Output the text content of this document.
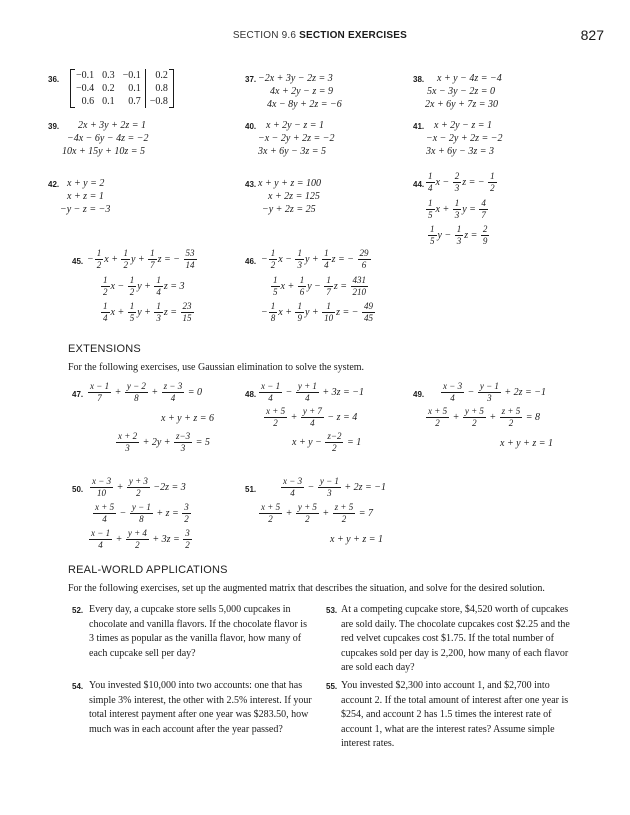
SECTION 9.6 SECTION EXERCISES	827
36. −0.1	0.3	−0.1	0.2
−0.4	0.2	0.1	0.8
0.6	0.1	0.7	−0.8
37. −2x + 3y − 2z = 3
4x + 2y − z = 9
4x − 8y + 2z = −6
38. x + y − 4z = −4
5x − 3y − 2z = 0
2x + 6y + 7z = 30
39. 2x + 3y + 2z = 1
−4x − 6y − 4z = −2
10x + 15y + 10z = 5
40. x + 2y − z = 1
−x − 2y + 2z = −2
3x + 6y − 3z = 5
41. x + 2y − z = 1
−x − 2y + 2z = −2
3x + 6y − 3z = 3
42. x + y = 2
x + z = 1
−y − z = −3
43. x + y + z = 100
x + 2z = 125
−y + 2z = 25
44. $\frac{1}{4}$ $x - \frac{2}{3}$ z = − $\frac{1}{2}$
$\frac{1}{5}$ $x + \frac{1}{3}$ $y = \frac{4}{7}$
$\frac{1}{5}$ $y - \frac{1}{3}$ $z = \frac{2}{9}$
45. − $\frac{1}{2}$ $x + \frac{1}{2}$ $y + \frac{1}{7}$ z = − $\frac{53}{14}$
$\frac{1}{2}$ $x - \frac{1}{2}$ $y + \frac{1}{4}$ z = 3
$\frac{1}{4}$ $x + \frac{1}{5}$ $y + \frac{1}{3}$ $z = \frac{23}{15}$
46. − $\frac{1}{2}$ $x - \frac{1}{3}$ $y + \frac{1}{4}$ z = − $\frac{29}{6}$
$\frac{1}{5}$ $x + \frac{1}{6}$ $y - \frac{1}{7}$ $z = \frac{431}{210}$
− $\frac{1}{8}$ $x + \frac{1}{9}$ $y + \frac{1}{10}$ z = − $\frac{49}{45}$
EXTENSIONS
For the following exercises, use Gaussian elimination to solve the system.
47. $\frac{x - 1}{7} + \frac{y - 2}{8} + \frac{z - 3}{4} = 0$
x + y + z = 6
$\frac{x + 2}{3} + 2y + \frac{z-3}{3} = 5$
48. $\frac{x - 1}{4} - \frac{y + 1}{4} + 3z = -1$
$\frac{x + 5}{2} + \frac{y + 7}{4} - z = 4$
$x + y - \frac{z-2}{2} = 1$
49. $\frac{x - 3}{4} - \frac{y - 1}{3} + 2z = -1$
$\frac{x + 5}{2} + \frac{y + 5}{2} + \frac{z + 5}{2} = 8$
x + y + z = 1
50. $\frac{x - 3}{10} + \frac{y + 3}{2} -2z = 3$
$\frac{x + 5}{4} - \frac{y - 1}{8} + z = \frac{3}{2}$
$\frac{x - 1}{4} + \frac{y + 4}{2} + 3z = \frac{3}{2}$
51.	$\frac{x - 3}{4} - \frac{y - 1}{3} + 2z = -1$
$\frac{x + 5}{2} + \frac{y + 5}{2} + \frac{z + 5}{2} = 7$
x + y + z = 1
REAL-WORLD APPLICATIONS
For the following exercises, set up the augmented matrix that describes the situation, and solve for the desired solution.
52. Every day, a cupcake store sells 5,000 cupcakes in chocolate and vanilla flavors. If the chocolate flavor is 3 times as popular as the vanilla flavor, how many of each cupcake sell per day?
53. At a competing cupcake store, $4,520 worth of cupcakes are sold daily. The chocolate cupcakes cost $2.25 and the red velvet cupcakes cost $1.75. If the total number of cupcakes sold per day is 2,200, how many of each flavor are sold each day?
54. You invested $10,000 into two accounts: one that has simple 3% interest, the other with 2.5% interest. If your total interest payment after one year was $283.50, how much was in each account after the year passed?
55. You invested $2,300 into account 1, and $2,700 into account 2. If the total amount of interest after one year is $254, and account 2 has 1.5 times the interest rate of account 1, what are the interest rates? Assume simple interest rates.
